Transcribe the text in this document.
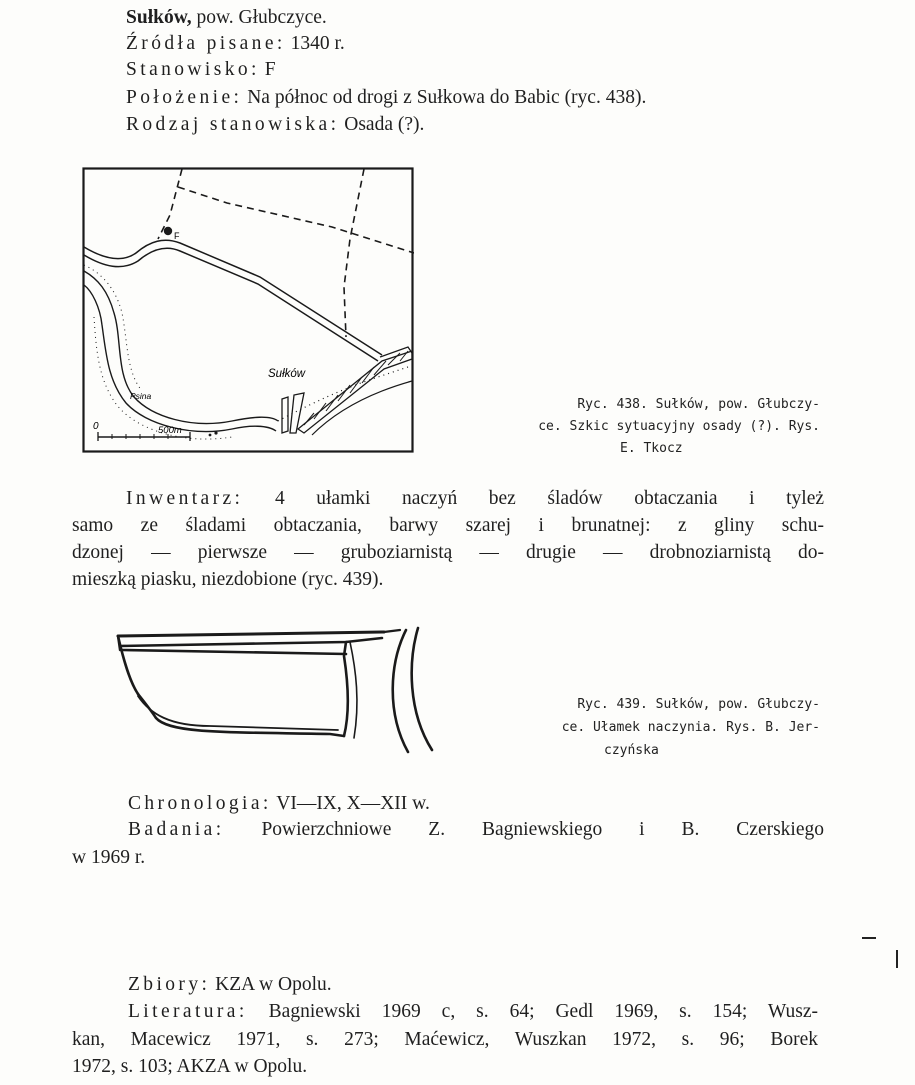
Sułków, pow. Głubczyce.
Źródła pisane: 1340 r.
Stanowisko: F
Położenie: Na północ od drogi z Sułkowa do Babic (ryc. 438).
Rodzaj stanowiska: Osada (?).
F
Sułków
Psina
0	500m
Ryc. 438. Sułków, pow. Głubczy-
ce. Szkic sytuacyjny osady (?). Rys.
E. Tkocz
Inwentarz: 4 ułamki naczyń bez śladów obtaczania i tyleż
samo ze śladami obtaczania, barwy szarej i brunatnej: z gliny schu-
dzonej — pierwsze — gruboziarnistą — drugie — drobnoziarnistą do-
mieszką piasku, niezdobione (ryc. 439).
Ryc. 439. Sułków, pow. Głubczy-
ce. Ułamek naczynia. Rys. B. Jer-
czyńska
Chronologia: VI—IX, X—XII w.
Badania: Powierzchniowe Z. Bagniewskiego i B. Czerskiego
w 1969 r.
Zbiory: KZA w Opolu.
Literatura: Bagniewski 1969 c, s. 64; Gedl 1969, s. 154; Wusz-
kan, Macewicz 1971, s. 273; Maćewicz, Wuszkan 1972, s. 96; Borek
1972, s. 103; AKZA w Opolu.
